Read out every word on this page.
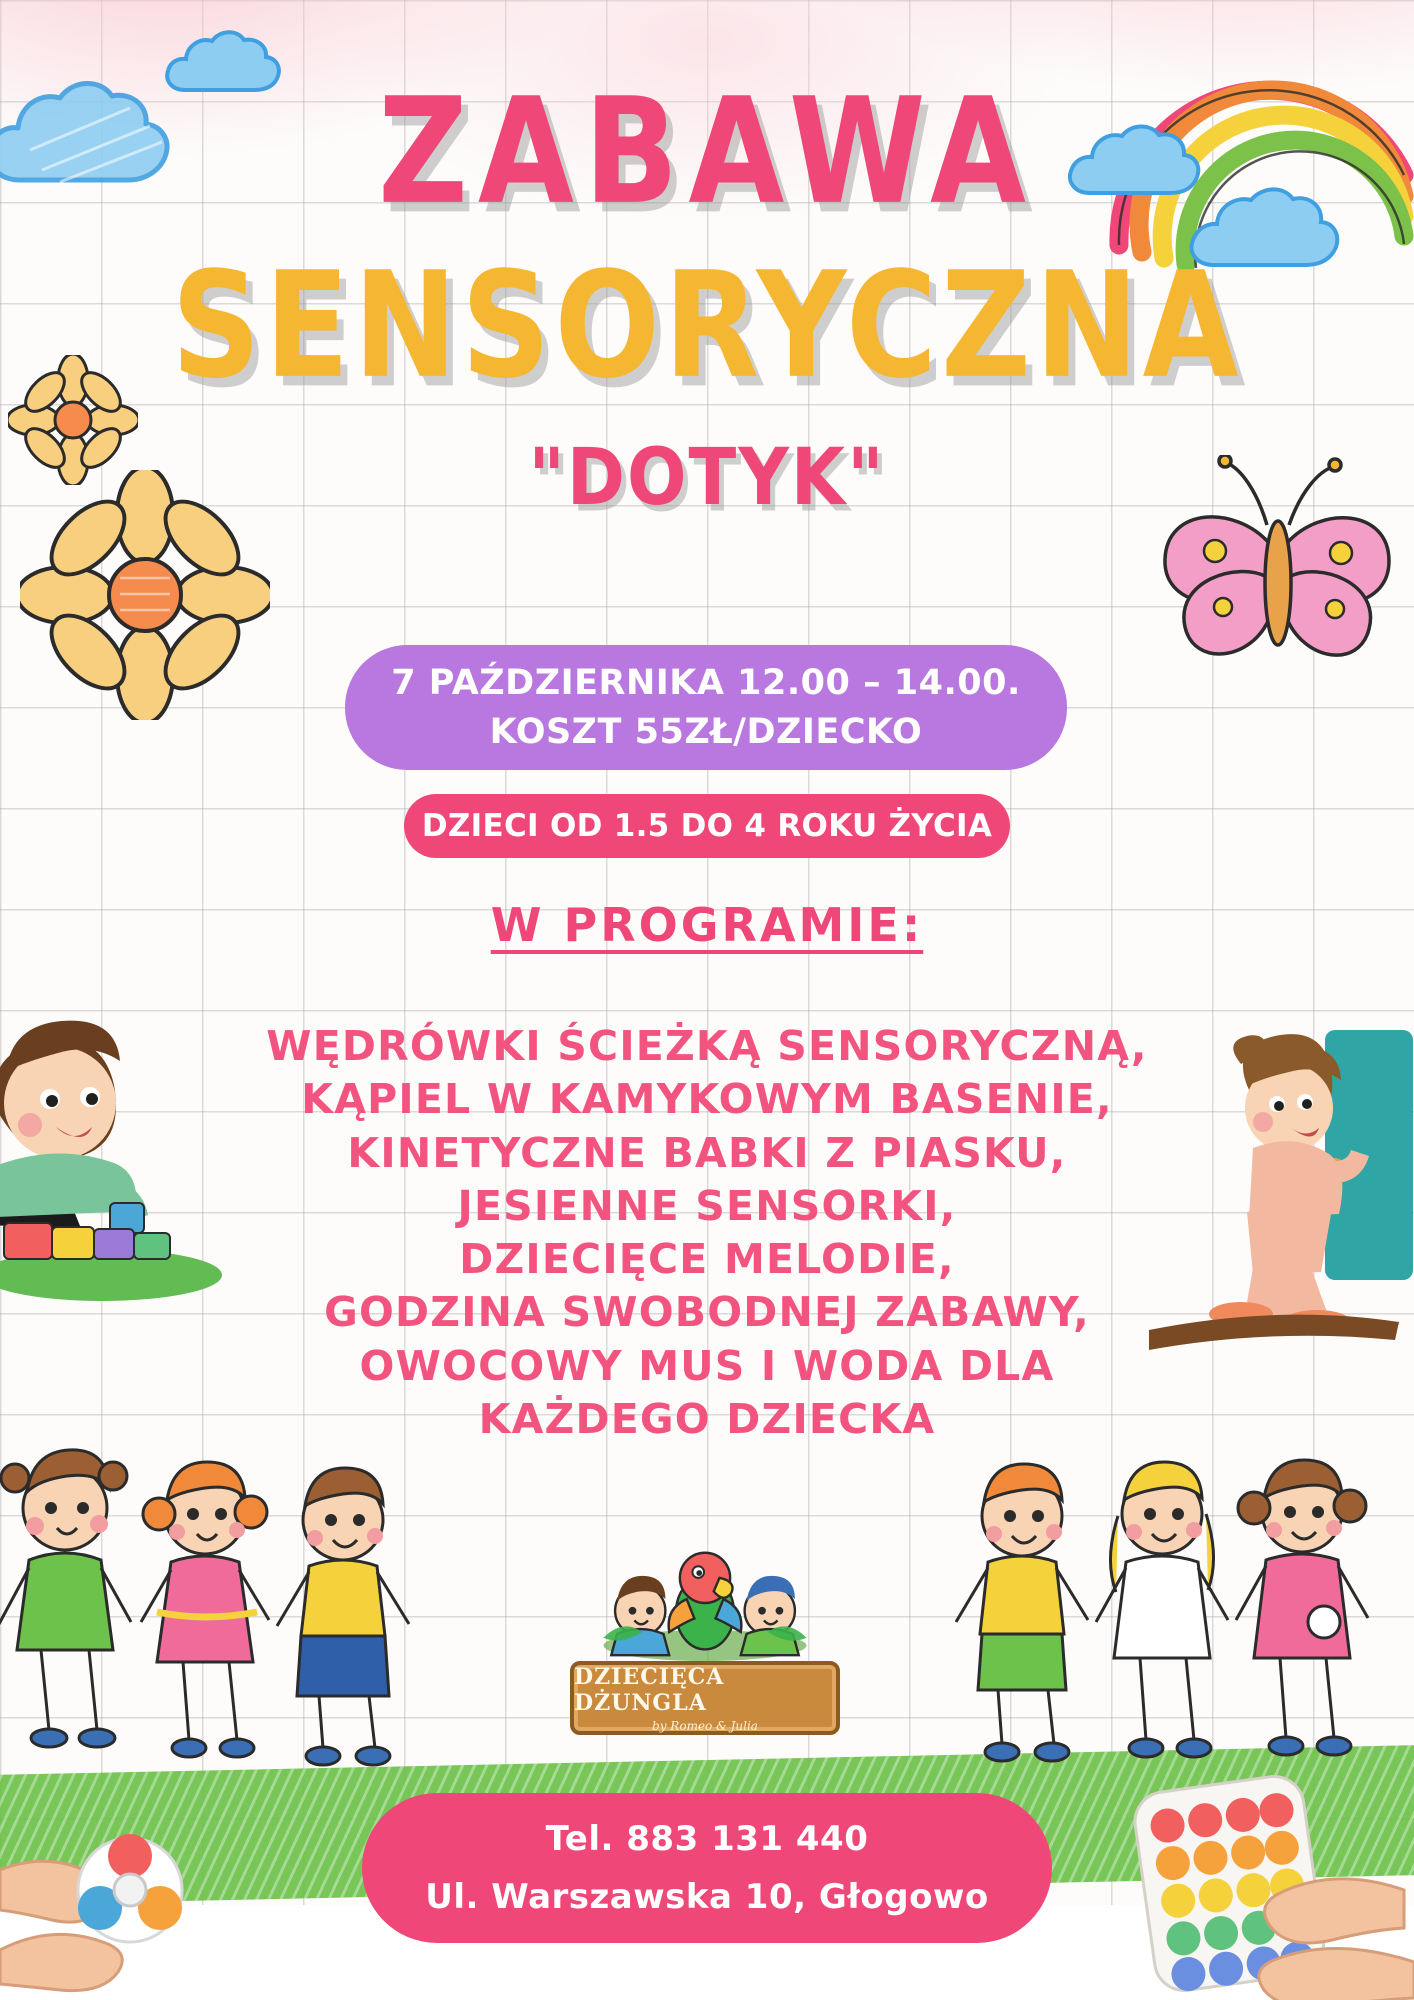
ZABAWA
SENSORYCZNA
"DOTYK"
7 PAŹDZIERNIKA 12.00 – 14.00.
KOSZT 55ZŁ/DZIECKO
DZIECI OD 1.5 DO 4 ROKU ŻYCIA
W PROGRAMIE:
WĘDRÓWKI ŚCIEŻKĄ SENSORYCZNĄ,
KĄPIEL W KAMYKOWYM BASENIE,
KINETYCZNE BABKI Z PIASKU,
JESIENNE SENSORKI,
DZIECIĘCE MELODIE,
GODZINA SWOBODNEJ ZABAWY,
OWOCOWY MUS I WODA DLA
KAŻDEGO DZIECKA
DZIECIĘCA DŻUNGLA
by Romeo & Julia
Tel. 883 131 440
Ul. Warszawska 10, Głogowo
